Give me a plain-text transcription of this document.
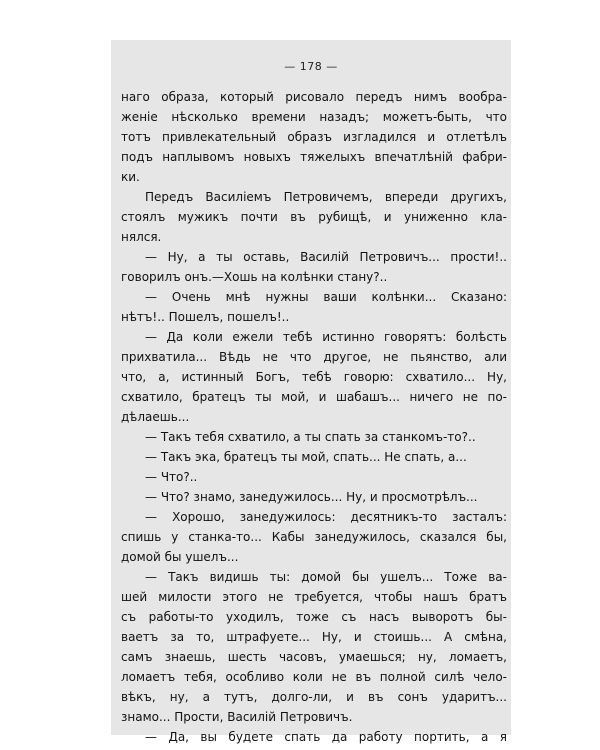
— 178 —
наго образа, который рисовало передъ нимъ вообра-
женіе нѣсколько времени назадъ; можетъ-быть, что
тотъ привлекательный образъ изгладился и отлетѣлъ
подъ наплывомъ новыхъ тяжелыхъ впечатлѣній фабри-
ки.
Передъ Василіемъ Петровичемъ, впереди другихъ,
стоялъ мужикъ почти въ рубищѣ, и униженно кла-
нялся.
— Ну, а ты оставь, Василій Петровичъ... прости!..
говорилъ онъ.—Хошь на колѣнки стану?..
— Очень мнѣ нужны ваши колѣнки... Сказано:
нѣтъ!.. Пошелъ, пошелъ!..
— Да коли ежели тебѣ истинно говорятъ: болѣсть
прихватила... Вѣдь не что другое, не пьянство, али
что, а, истинный Богъ, тебѣ говорю: схватило... Ну,
схватило, братецъ ты мой, и шабашъ... ничего не по-
дѣлаешь...
— Такъ тебя схватило, а ты спать за станкомъ-то?..
— Такъ эка, братецъ ты мой, спать... Не спать, а...
— Что?..
— Что? знамо, занедужилось... Ну, и просмотрѣлъ...
— Хорошо, занедужилось: десятникъ-то засталъ:
спишь у станка-то... Кабы занедужилось, сказался бы,
домой бы ушелъ...
— Такъ видишь ты: домой бы ушелъ... Тоже ва-
шей милости этого не требуется, чтобы нашъ братъ
съ работы-то уходилъ, тоже съ насъ выворотъ бы-
ваетъ за то, штрафуете... Ну, и стоишь... А смѣна,
самъ знаешь, шесть часовъ, умаешься; ну, ломаетъ,
ломаетъ тебя, особливо коли не въ полной силѣ чело-
вѣкъ, ну, а тутъ, долго-ли, и въ сонъ ударитъ...
знамо... Прости, Василій Петровичъ.
— Да, вы будете спать да работу портить, а я
